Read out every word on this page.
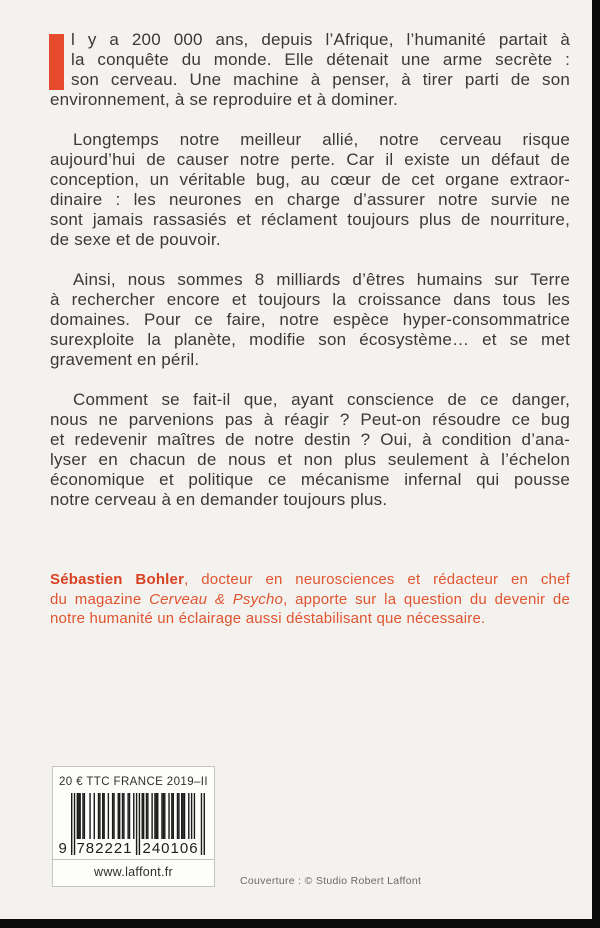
l y a 200 000 ans, depuis l’Afrique, l’humanité partait à
la conquête du monde. Elle détenait une arme secrète :
son cerveau. Une machine à penser, à tirer parti de son
environnement, à se reproduire et à dominer.
Longtemps notre meilleur allié, notre cerveau risque
aujourd’hui de causer notre perte. Car il existe un défaut de
conception, un véritable bug, au cœur de cet organe extraor-
dinaire : les neurones en charge d’assurer notre survie ne
sont jamais rassasiés et réclament toujours plus de nourriture,
de sexe et de pouvoir.
Ainsi, nous sommes 8 milliards d’êtres humains sur Terre
à rechercher encore et toujours la croissance dans tous les
domaines. Pour ce faire, notre espèce hyper-consommatrice
surexploite la planète, modifie son écosystème… et se met
gravement en péril.
Comment se fait-il que, ayant conscience de ce danger,
nous ne parvenions pas à réagir ? Peut-on résoudre ce bug
et redevenir maîtres de notre destin ? Oui, à condition d’ana-
lyser en chacun de nous et non plus seulement à l’échelon
économique et politique ce mécanisme infernal qui pousse
notre cerveau à en demander toujours plus.
Sébastien Bohler, docteur en neurosciences et rédacteur en chef
du magazine Cerveau & Psycho, apporte sur la question du devenir de
notre humanité un éclairage aussi déstabilisant que nécessaire.
20 € TTC FRANCE 2019–II
9 782221 240106
www.laffont.fr
Couverture : © Studio Robert Laffont
